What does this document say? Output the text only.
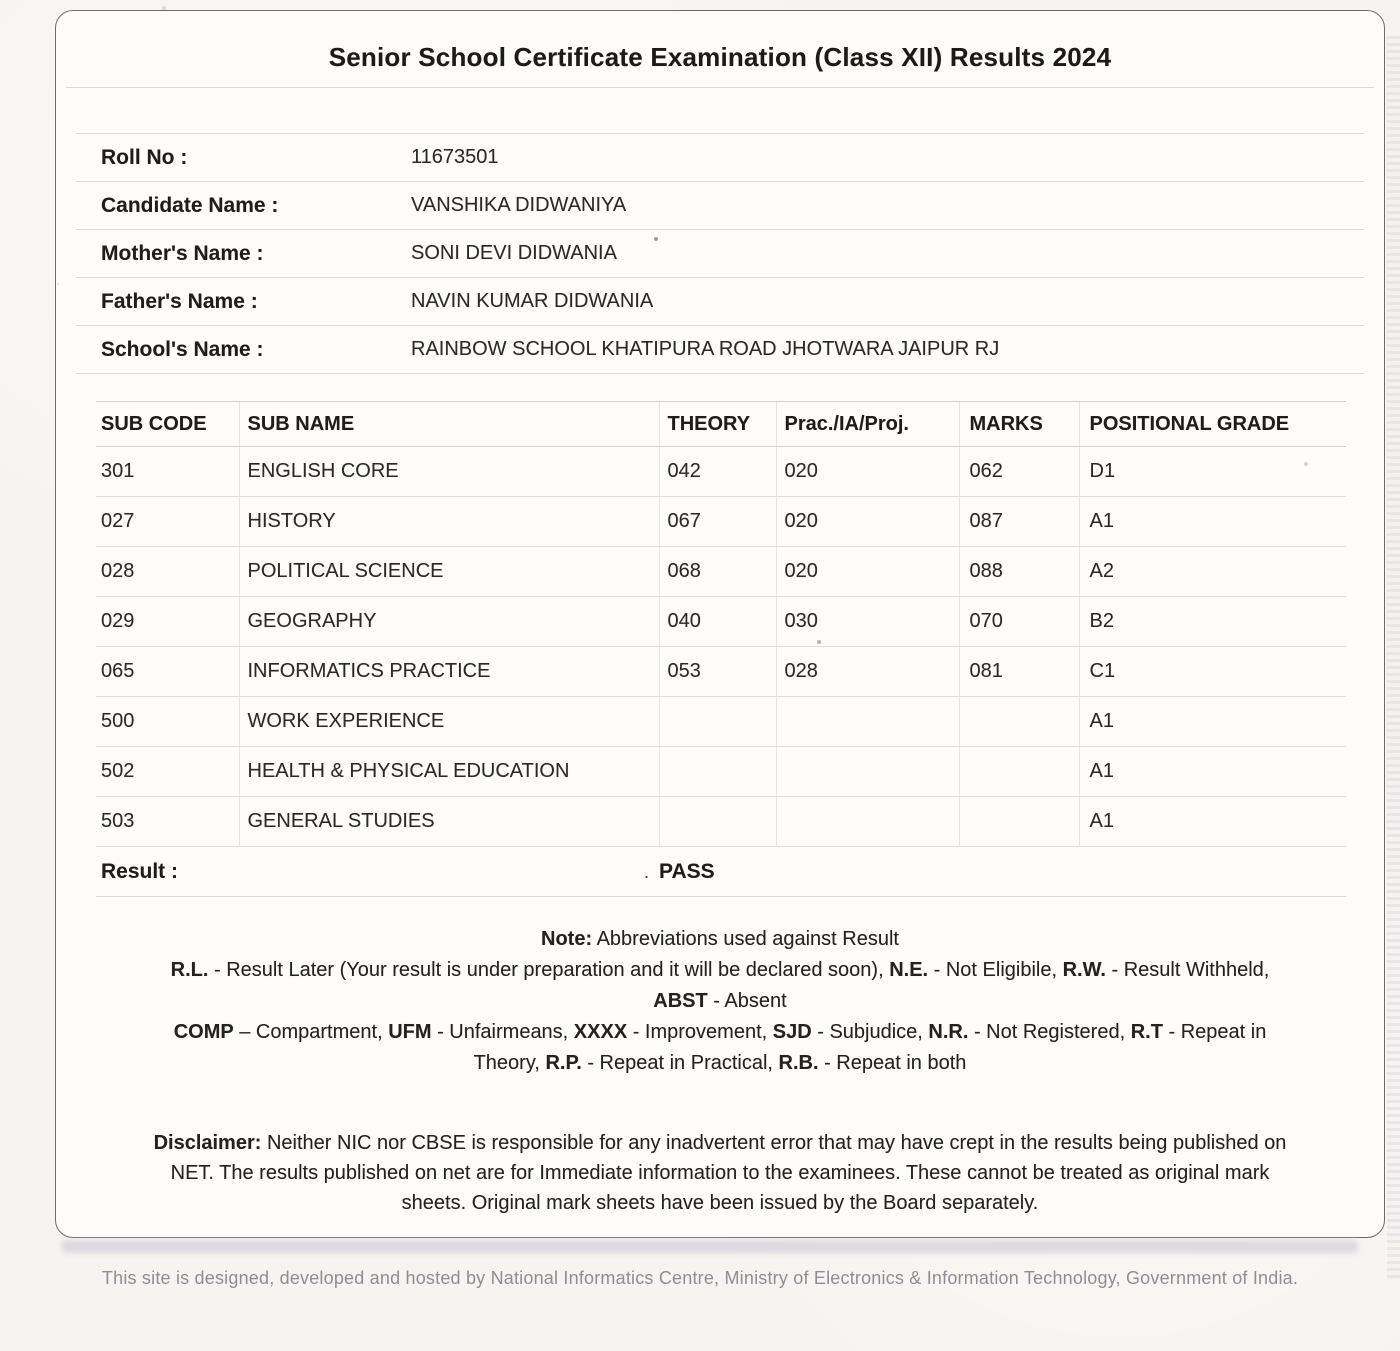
Senior School Certificate Examination (Class XII) Results 2024
Roll No :	11673501
Candidate Name :	VANSHIKA DIDWANIYA
Mother's Name :	SONI DEVI DIDWANIA
Father's Name :	NAVIN KUMAR DIDWANIA
School's Name :	RAINBOW SCHOOL KHATIPURA ROAD JHOTWARA JAIPUR RJ
SUB CODE	SUB NAME	THEORY	Prac./IA/Proj.	MARKS	POSITIONAL GRADE
301	ENGLISH CORE	042	020	062	D1
027	HISTORY	067	020	087	A1
028	POLITICAL SCIENCE	068	020	088	A2
029	GEOGRAPHY	040	030	070	B2
065	INFORMATICS PRACTICE	053	028	081	C1
500	WORK EXPERIENCE				A1
502	HEALTH & PHYSICAL EDUCATION				A1
503	GENERAL STUDIES				A1
Result :	. PASS
Note: Abbreviations used against Result
R.L. - Result Later (Your result is under preparation and it will be declared soon), N.E. - Not Eligibile, R.W. - Result Withheld,
ABST - Absent
COMP – Compartment, UFM - Unfairmeans, XXXX - Improvement, SJD - Subjudice, N.R. - Not Registered, R.T - Repeat in
Theory, R.P. - Repeat in Practical, R.B. - Repeat in both
Disclaimer: Neither NIC nor CBSE is responsible for any inadvertent error that may have crept in the results being published on
NET. The results published on net are for Immediate information to the examinees. These cannot be treated as original mark
sheets. Original mark sheets have been issued by the Board separately.
This site is designed, developed and hosted by National Informatics Centre, Ministry of Electronics & Information Technology, Government of India.
